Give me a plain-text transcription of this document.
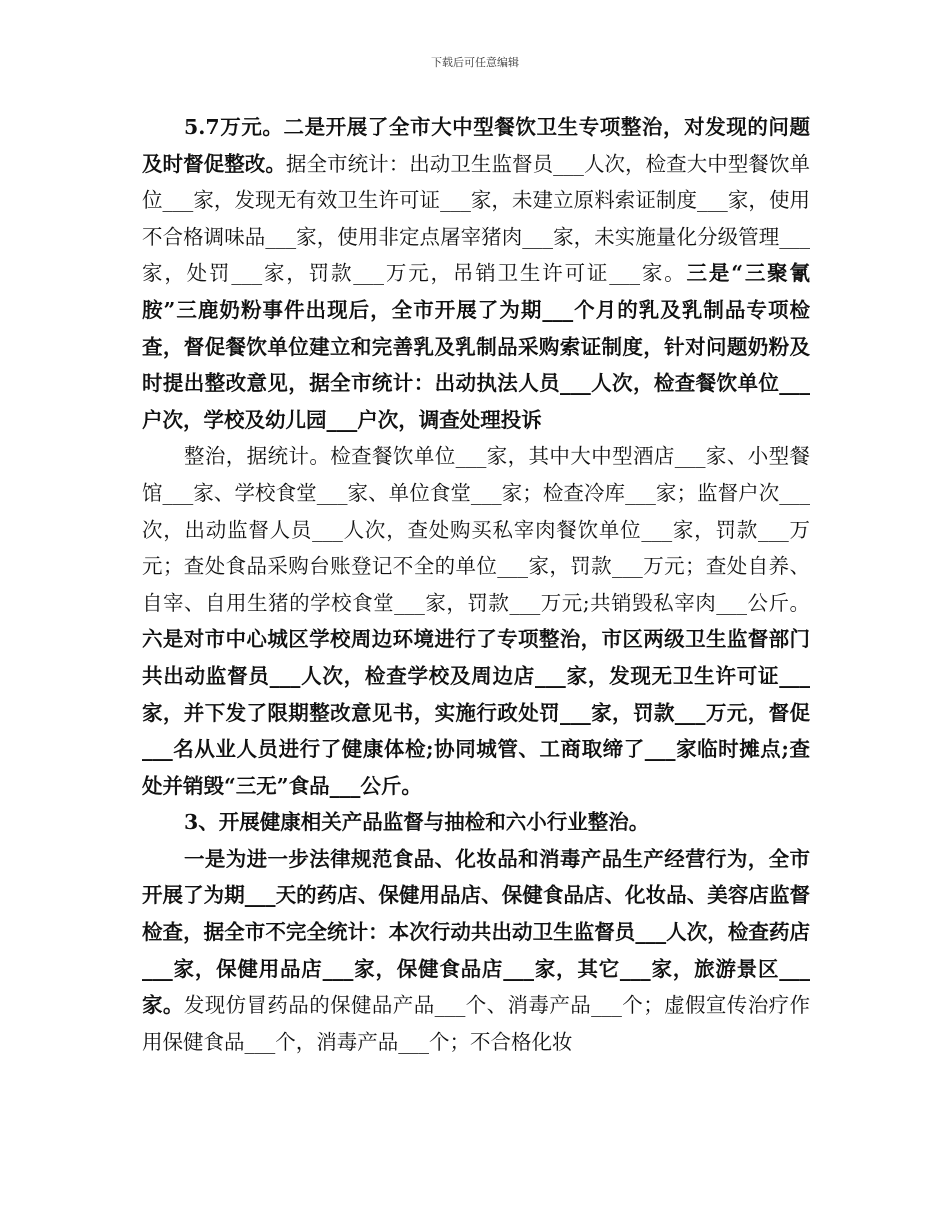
下载后可任意编辑

5.7万元。二是开展了全市大中型餐饮卫生专项整治，对发现的问题及时督促整改。据全市统计：出动卫生监督员___人次，检查大中型餐饮单位___家，发现无有效卫生许可证___家，未建立原料索证制度___家，使用不合格调味品___家，使用非定点屠宰猪肉___家，未实施量化分级管理___家，处罚___家，罚款___万元，吊销卫生许可证___家。三是“三聚氰胺”三鹿奶粉事件出现后，全市开展了为期___个月的乳及乳制品专项检查，督促餐饮单位建立和完善乳及乳制品采购索证制度，针对问题奶粉及时提出整改意见，据全市统计：出动执法人员___人次，检查餐饮单位___户次，学校及幼儿园___户次，调查处理投诉

整治，据统计。检查餐饮单位___家，其中大中型酒店___家、小型餐馆___家、学校食堂___家、单位食堂___家；检查冷库___家；监督户次___次，出动监督人员___人次，查处购买私宰肉餐饮单位___家，罚款___万元；查处食品采购台账登记不全的单位___家，罚款___万元；查处自养、自宰、自用生猪的学校食堂___家，罚款___万元;共销毁私宰肉___公斤。六是对市中心城区学校周边环境进行了专项整治，市区两级卫生监督部门共出动监督员___人次，检查学校及周边店___家，发现无卫生许可证___家，并下发了限期整改意见书，实施行政处罚___家，罚款___万元，督促___名从业人员进行了健康体检;协同城管、工商取缔了___家临时摊点;查处并销毁“三无”食品___公斤。

3、开展健康相关产品监督与抽检和六小行业整治。

一是为进一步法律规范食品、化妆品和消毒产品生产经营行为，全市开展了为期___天的药店、保健用品店、保健食品店、化妆品、美容店监督检查，据全市不完全统计：本次行动共出动卫生监督员___人次，检查药店___家，保健用品店___家，保健食品店___家，其它___家，旅游景区___家。发现仿冒药品的保健品产品___个、消毒产品___个；虚假宣传治疗作用保健食品___个，消毒产品___个；不合格化妆
